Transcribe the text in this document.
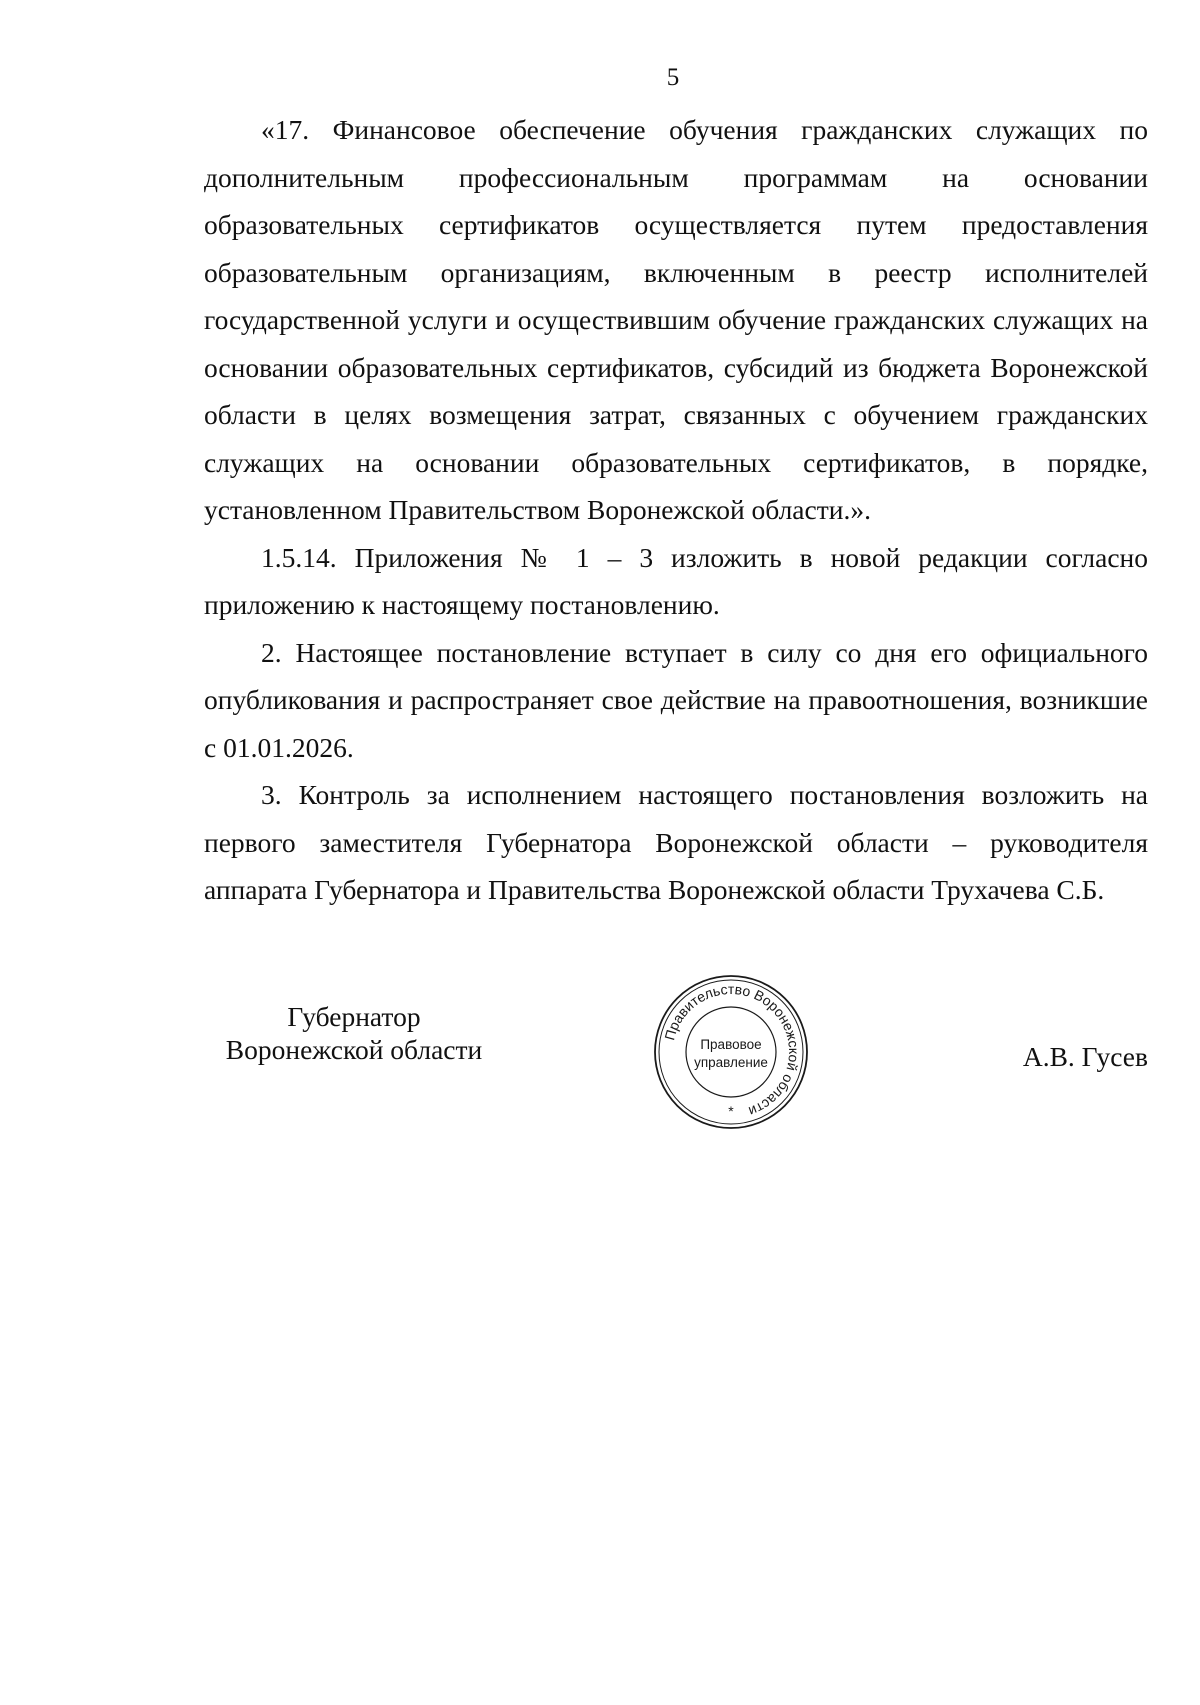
5

«17. Финансовое обеспечение обучения гражданских служащих по дополнительным профессиональным программам на основании образовательных сертификатов осуществляется путем предоставления образовательным организациям, включенным в реестр исполнителей государственной услуги и осуществившим обучение гражданских служащих на основании образовательных сертификатов, субсидий из бюджета Воронежской области в целях возмещения затрат, связанных с обучением гражданских служащих на основании образовательных сертификатов, в порядке, установленном Правительством Воронежской области.».

1.5.14. Приложения № 1 – 3 изложить в новой редакции согласно приложению к настоящему постановлению.

2. Настоящее постановление вступает в силу со дня его официального опубликования и распространяет свое действие на правоотношения, возникшие с 01.01.2026.

3. Контроль за исполнением настоящего постановления возложить на первого заместителя Губернатора Воронежской области – руководителя аппарата Губернатора и Правительства Воронежской области Трухачева С.Б.

Губернатор
Воронежской области	Правительство Воронежской области
Правовое
управление
*
А.В. Гусев
